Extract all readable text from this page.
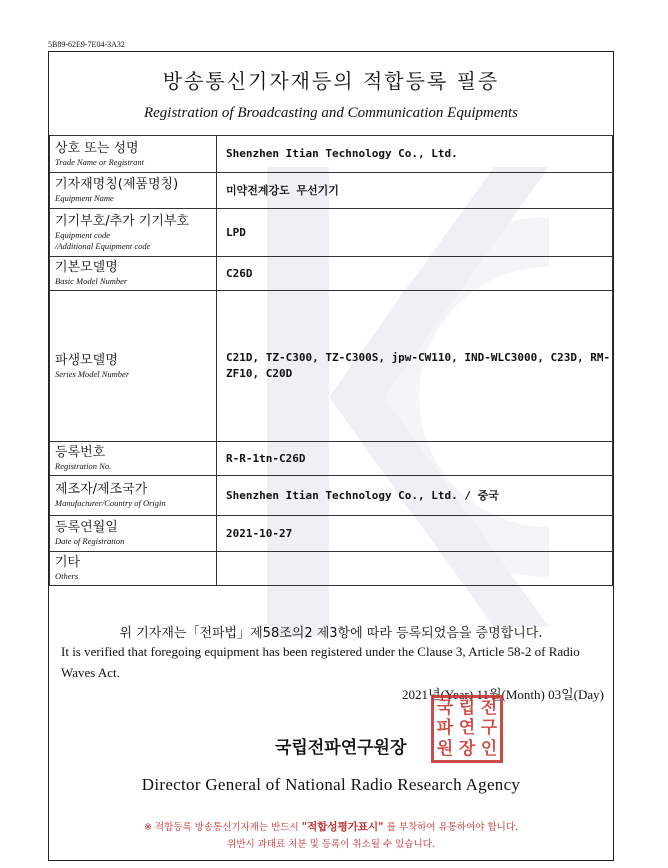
5B89-62E9-7E04-3A32
방송통신기자재등의 적합등록 필증
Registration of Broadcasting and Communication Equipments
상호 또는 성명
Trade Name or Registrant	Shenzhen Itian Technology Co., Ltd.

기자재명칭(제품명칭)
Equipment Name	미약전계강도 무선기기

기기부호/추가 기기부호
Equipment code
/Additional Equipment code	LPD

기본모델명
Basic Model Number	C26D

파생모델명
Series Model Number	C21D, TZ-C300, TZ-C300S, jpw-CW110, IND-WLC3000, C23D, RM-ZF10, C20D

등록번호
Registration No.	R-R-1tn-C26D

제조자/제조국가
Manufacturer/Country of Origin	Shenzhen Itian Technology Co., Ltd. / 중국

등록연월일
Date of Registration	2021-10-27

기타
Others	

위 기자재는「전파법」제58조의2 제3항에 따라 등록되었음을 증명합니다.
It is verified that foregoing equipment has been registered under the Clause 3, Article 58-2 of Radio Waves Act.
2021년(Year) 11월(Month) 03일(Day)
국립전파연구원장
국 립 전
파 연 구
원 장 인
Director General of National Radio Research Agency
※ 적합등록 방송통신기자재는 반드시 "적합성평가표시" 를 부착하여 유통하여야 합니다.
위반시 과태료 처분 및 등록이 취소될 수 있습니다.
